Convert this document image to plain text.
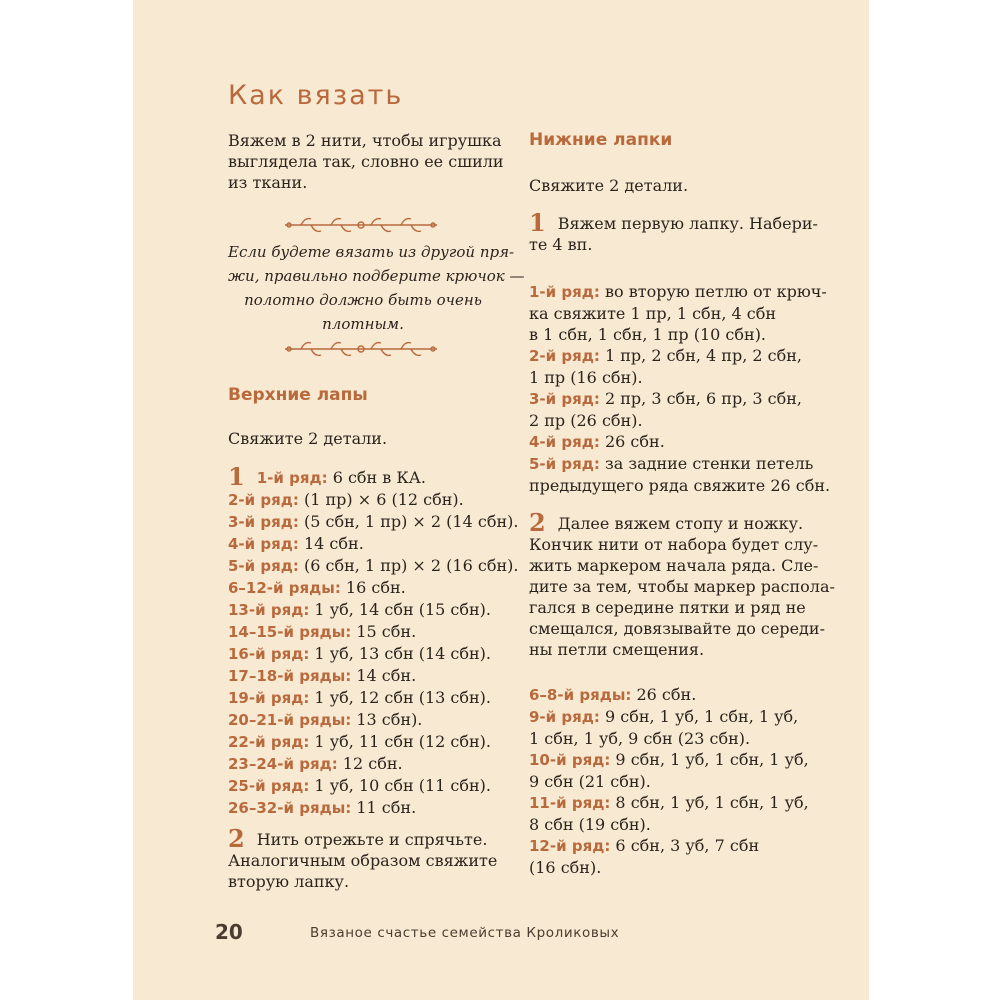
Как вязать

Вяжем в 2 нити, чтобы игрушка выглядела так, словно ее сшили из ткани.

Если будете вязать из другой пря-
жи, правильно подберите крючок —
полотно должно быть очень
плотным.
Верхние лапы

Свяжите 2 детали.

1 1-й ряд: 6 сбн в КА.
2-й ряд: (1 пр) × 6 (12 сбн).
3-й ряд: (5 сбн, 1 пр) × 2 (14 сбн).
4-й ряд: 14 сбн.
5-й ряд: (6 сбн, 1 пр) × 2 (16 сбн).
6–12-й ряды: 16 сбн.
13-й ряд: 1 уб, 14 сбн (15 сбн).
14–15-й ряды: 15 сбн.
16-й ряд: 1 уб, 13 сбн (14 сбн).
17–18-й ряды: 14 сбн.
19-й ряд: 1 уб, 12 сбн (13 сбн).
20–21-й ряды: 13 сбн).
22-й ряд: 1 уб, 11 сбн (12 сбн).
23–24-й ряд: 12 сбн.
25-й ряд: 1 уб, 10 сбн (11 сбн).
26–32-й ряды: 11 сбн.
2 Нить отрежьте и спрячьте.
Аналогичным образом свяжите
вторую лапку.
Нижние лапки

Свяжите 2 детали.

1 Вяжем первую лапку. Набери-
те 4 вп.
1-й ряд: во вторую петлю от крюч-
ка свяжите 1 пр, 1 сбн, 4 сбн
в 1 сбн, 1 сбн, 1 пр (10 сбн).
2-й ряд: 1 пр, 2 сбн, 4 пр, 2 сбн,
1 пр (16 сбн).
3-й ряд: 2 пр, 3 сбн, 6 пр, 3 сбн,
2 пр (26 сбн).
4-й ряд: 26 сбн.
5-й ряд: за задние стенки петель
предыдущего ряда свяжите 26 сбн.
2 Далее вяжем стопу и ножку.
Кончик нити от набора будет слу-
жить маркером начала ряда. Сле-
дите за тем, чтобы маркер распола-
гался в середине пятки и ряд не
смещался, довязывайте до середи-
ны петли смещения.
6–8-й ряды: 26 сбн.
9-й ряд: 9 сбн, 1 уб, 1 сбн, 1 уб,
1 сбн, 1 уб, 9 сбн (23 сбн).
10-й ряд: 9 сбн, 1 уб, 1 сбн, 1 уб,
9 сбн (21 сбн).
11-й ряд: 8 сбн, 1 уб, 1 сбн, 1 уб,
8 сбн (19 сбн).
12-й ряд: 6 сбн, 3 уб, 7 сбн
(16 сбн).
20	Вязаное счастье семейства Кроликовых
